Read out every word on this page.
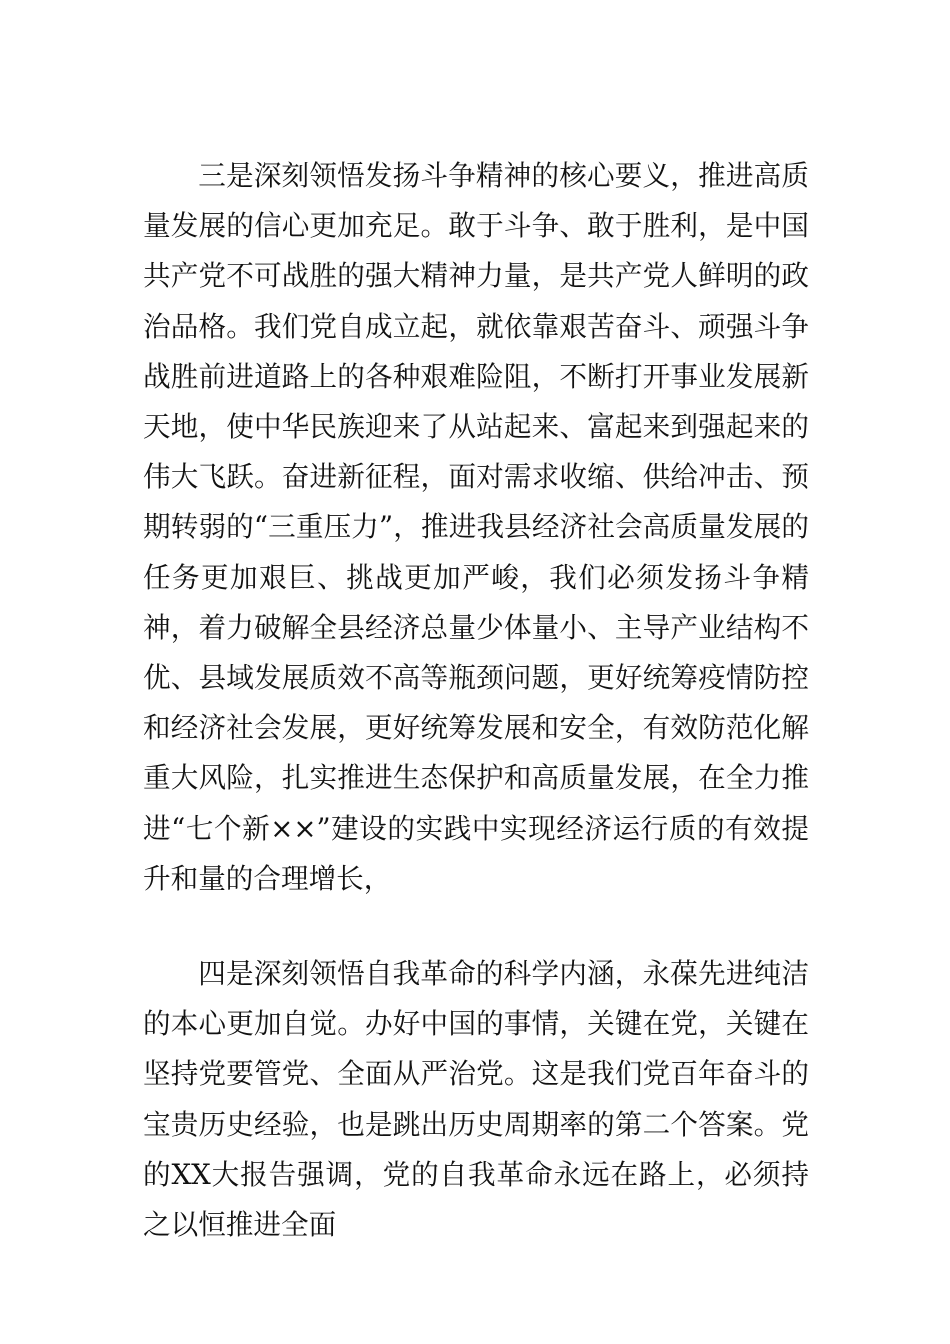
三是深刻领悟发扬斗争精神的核心要义，推进高质量发展的信心更加充足。敢于斗争、敢于胜利，是中国共产党不可战胜的强大精神力量，是共产党人鲜明的政治品格。我们党自成立起，就依靠艰苦奋斗、顽强斗争战胜前进道路上的各种艰难险阻，不断打开事业发展新天地，使中华民族迎来了从站起来、富起来到强起来的伟大飞跃。奋进新征程，面对需求收缩、供给冲击、预期转弱的“三重压力”，推进我县经济社会高质量发展的任务更加艰巨、挑战更加严峻，我们必须发扬斗争精神，着力破解全县经济总量少体量小、主导产业结构不优、县域发展质效不高等瓶颈问题，更好统筹疫情防控和经济社会发展，更好统筹发展和安全，有效防范化解重大风险，扎实推进生态保护和高质量发展，在全力推进“七个新××”建设的实践中实现经济运行质的有效提升和量的合理增长，

四是深刻领悟自我革命的科学内涵，永葆先进纯洁的本心更加自觉。办好中国的事情，关键在党，关键在坚持党要管党、全面从严治党。这是我们党百年奋斗的宝贵历史经验，也是跳出历史周期率的第二个答案。党的XX大报告强调，党的自我革命永远在路上，必须持之以恒推进全面
